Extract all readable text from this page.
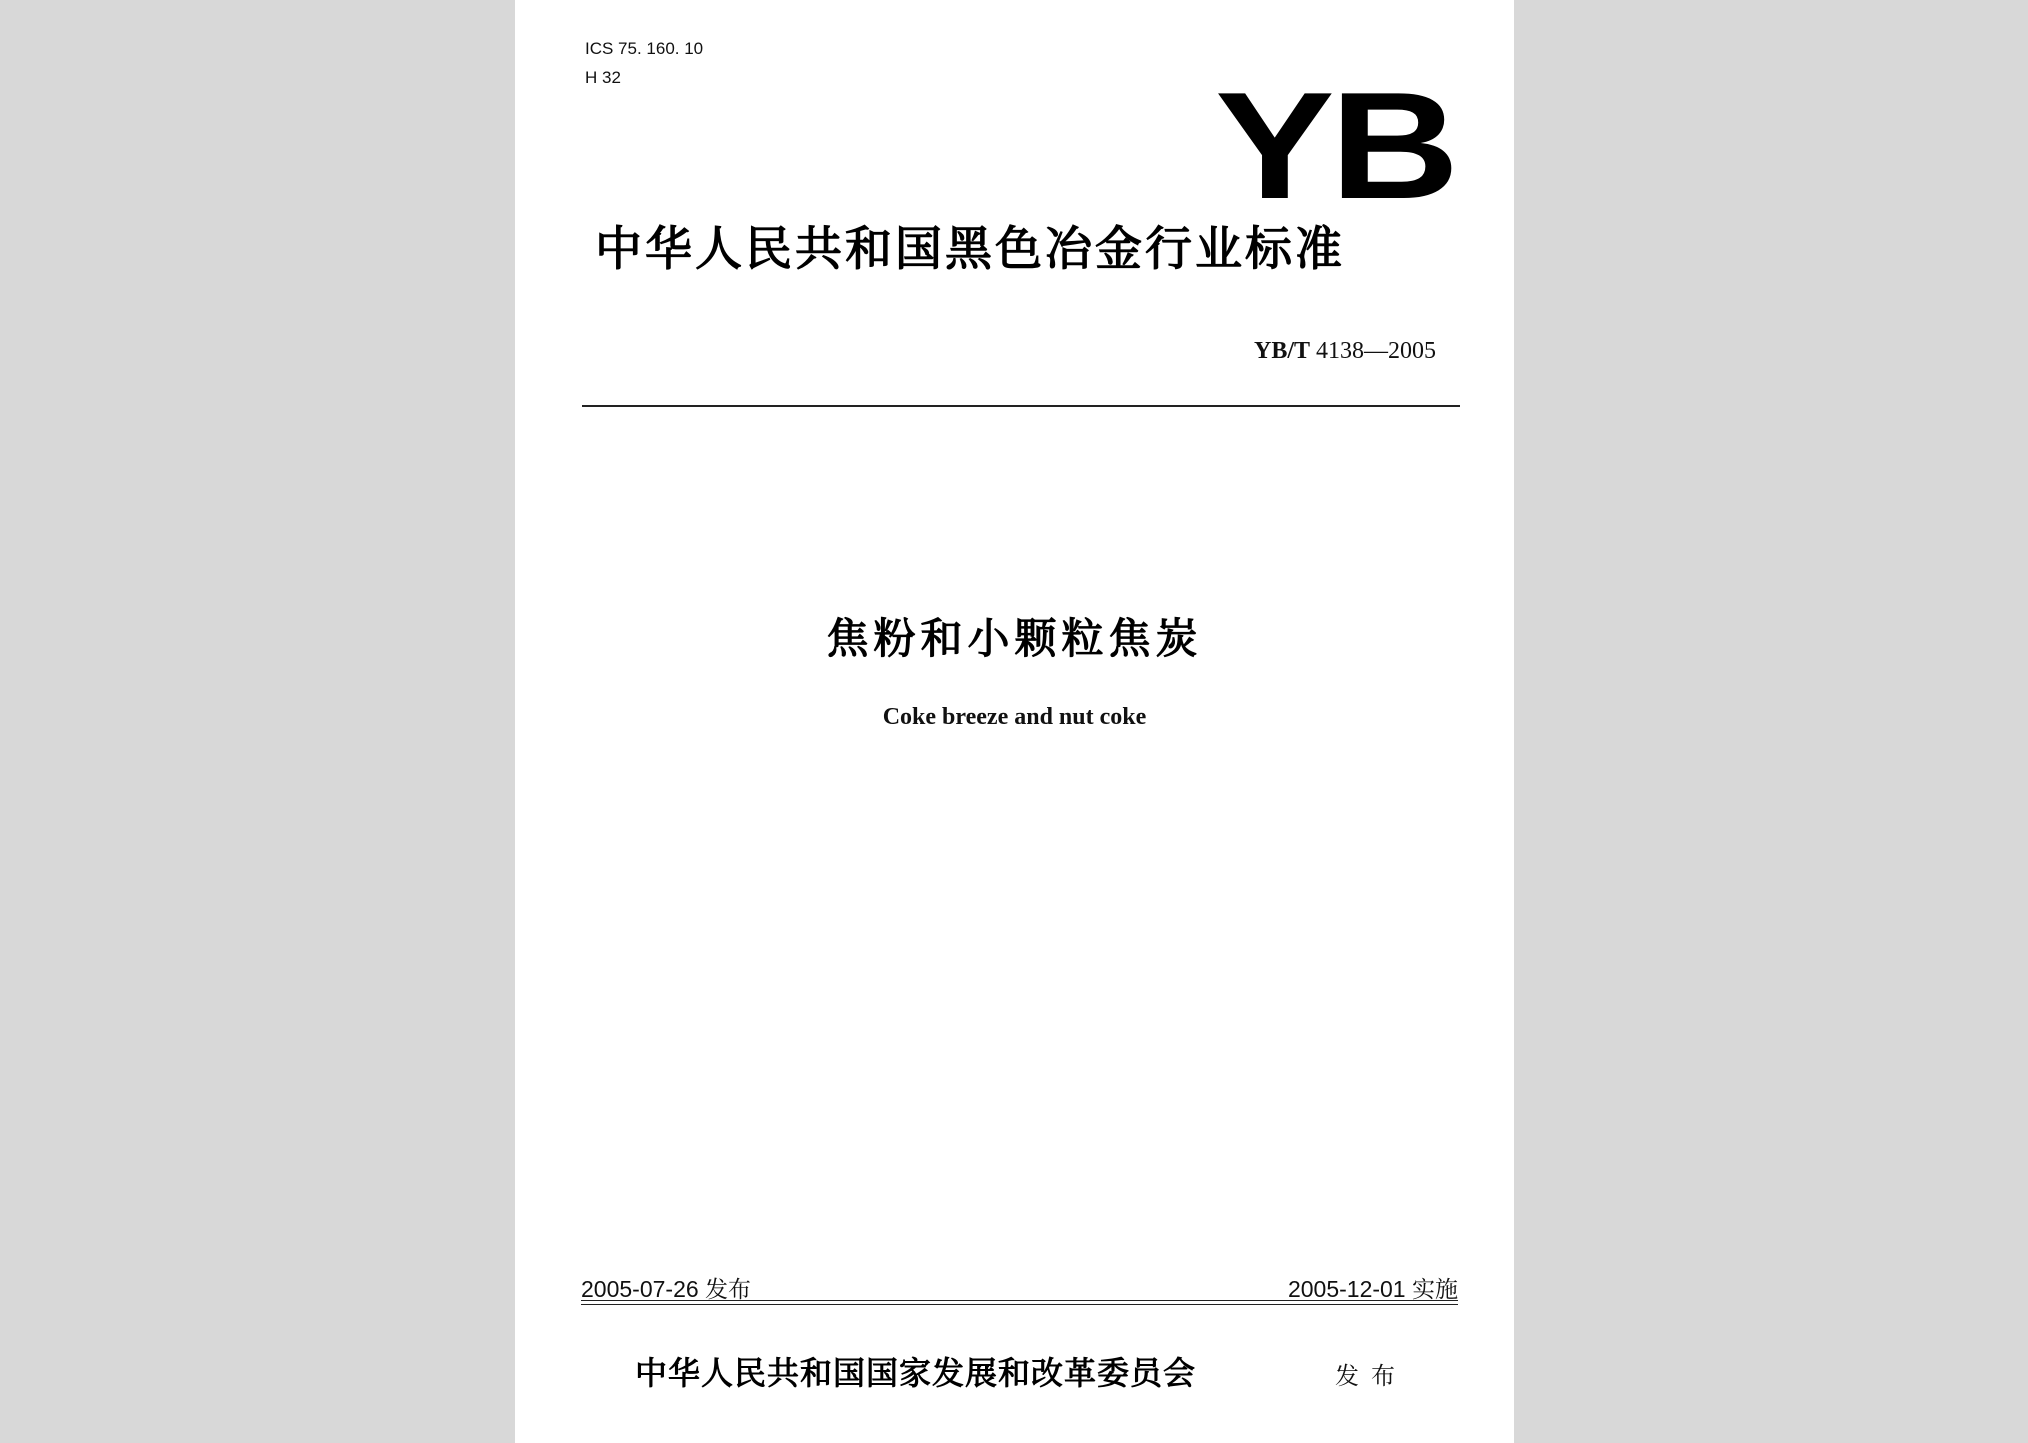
ICS 75. 160. 10
H 32	YB
中华人民共和国黑色冶金行业标准
YB/T 4138—2005
焦粉和小颗粒焦炭
Coke breeze and nut coke
2005-07-26 发布	2005-12-01 实施
中华人民共和国国家发展和改革委员会	发布
